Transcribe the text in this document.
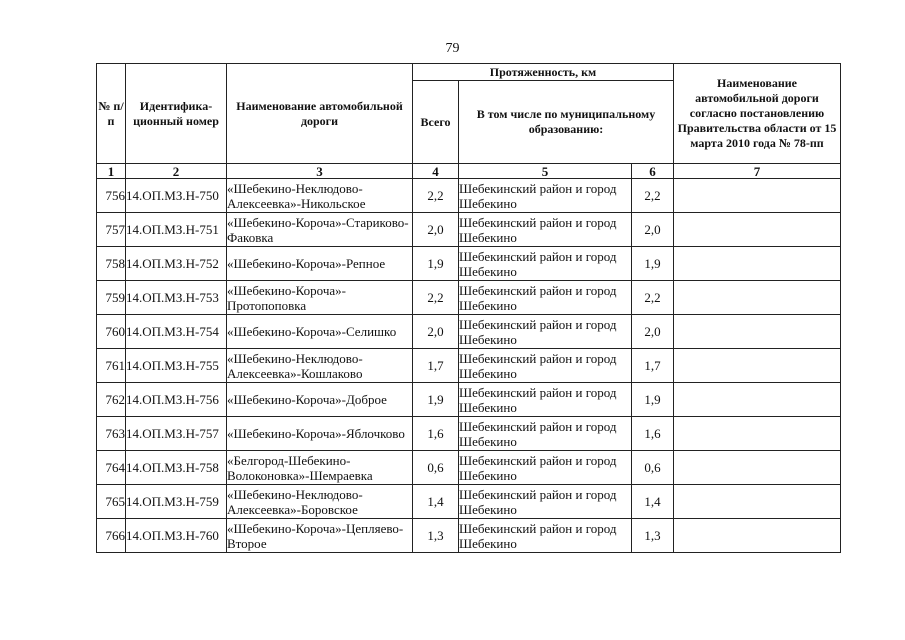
79
№ п/п	Идентифика- ционный номер	Наименование автомобильной дороги	Протяженность, км			Наименование автомобильной дороги согласно постановлению Правительства области от 15 марта 2010 года № 78-пп
			Всего	В том числе по муниципальному образованию:		
1	2	3	4	5	6	7
756	14.ОП.МЗ.Н-750	«Шебекино-Неклюдово-Алексеевка»-Никольское	2,2	Шебекинский район и город Шебекино	2,2	
757	14.ОП.МЗ.Н-751	«Шебекино-Короча»-Стариково-Факовка	2,0	Шебекинский район и город Шебекино	2,0	
758	14.ОП.МЗ.Н-752	«Шебекино-Короча»-Репное	1,9	Шебекинский район и город Шебекино	1,9	
759	14.ОП.МЗ.Н-753	«Шебекино-Короча»-Протопоповка	2,2	Шебекинский район и город Шебекино	2,2	
760	14.ОП.МЗ.Н-754	«Шебекино-Короча»-Селишко	2,0	Шебекинский район и город Шебекино	2,0	
761	14.ОП.МЗ.Н-755	«Шебекино-Неклюдово-Алексеевка»-Кошлаково	1,7	Шебекинский район и город Шебекино	1,7	
762	14.ОП.МЗ.Н-756	«Шебекино-Короча»-Доброе	1,9	Шебекинский район и город Шебекино	1,9	
763	14.ОП.МЗ.Н-757	«Шебекино-Короча»-Яблочково	1,6	Шебекинский район и город Шебекино	1,6	
764	14.ОП.МЗ.Н-758	«Белгород-Шебекино-Волоконовка»-Шемраевка	0,6	Шебекинский район и город Шебекино	0,6	
765	14.ОП.МЗ.Н-759	«Шебекино-Неклюдово-Алексеевка»-Боровское	1,4	Шебекинский район и город Шебекино	1,4	
766	14.ОП.МЗ.Н-760	«Шебекино-Короча»-Цепляево-Второе	1,3	Шебекинский район и город Шебекино	1,3	
